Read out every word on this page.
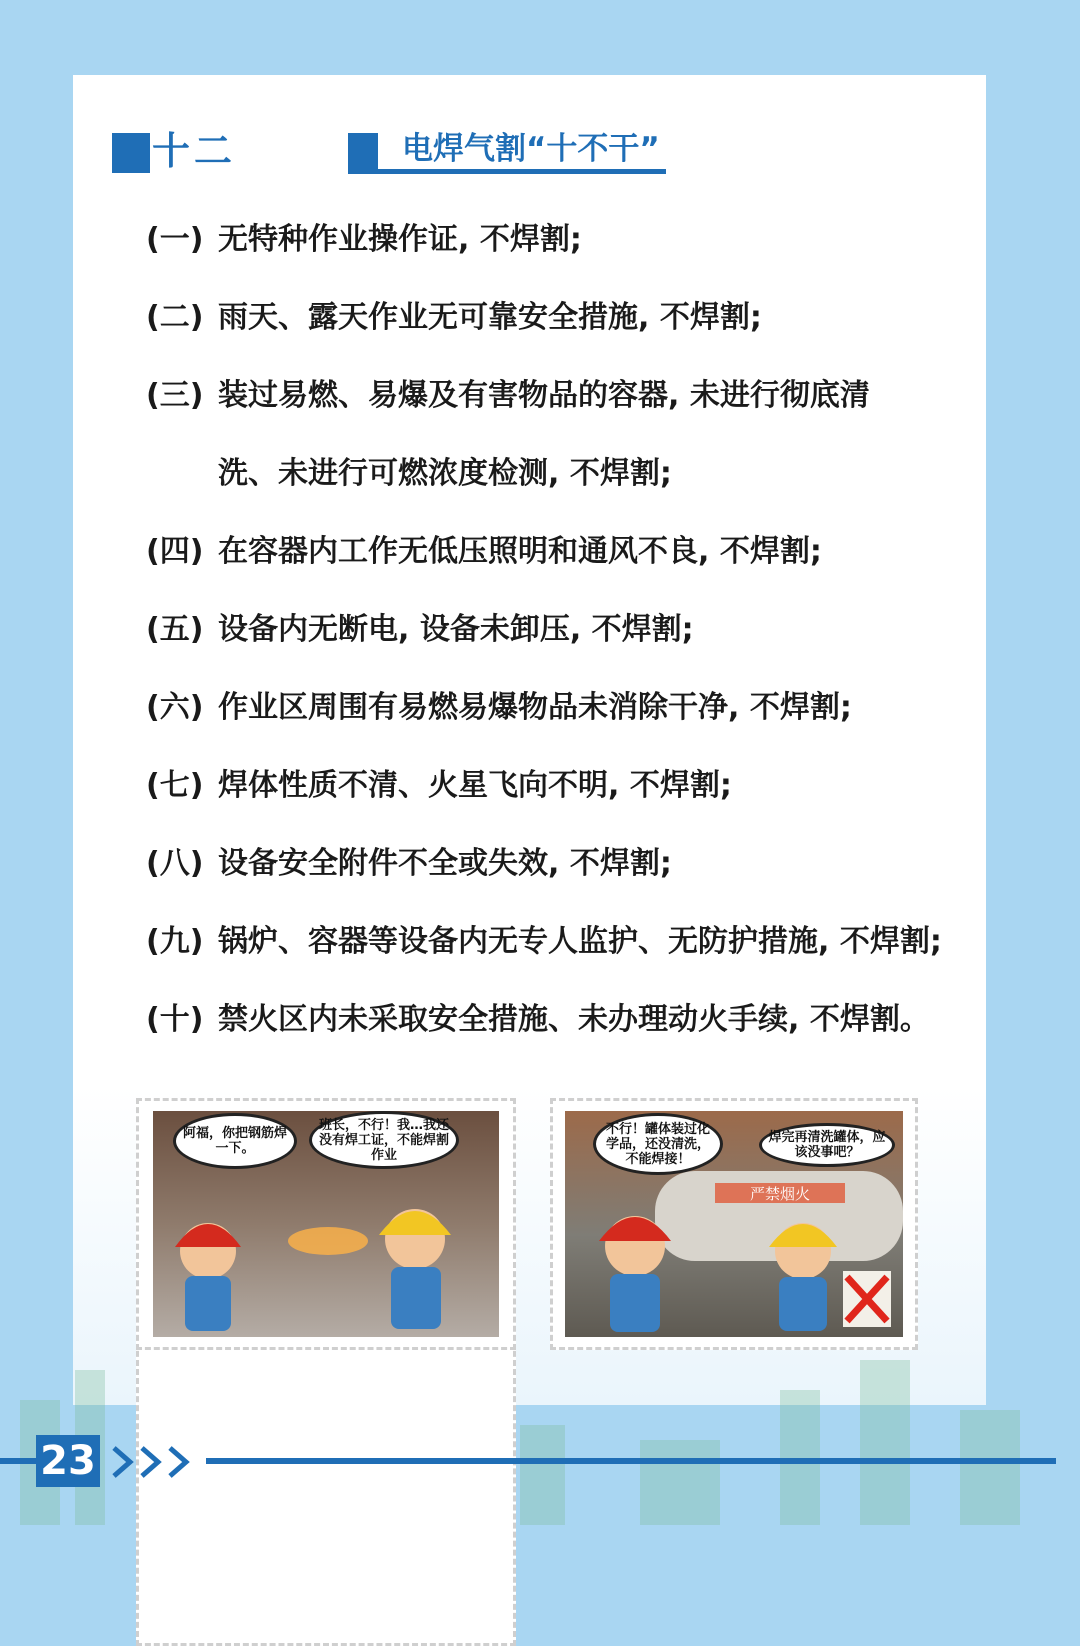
十二	电焊气割“十不干”
(一) 无特种作业操作证, 不焊割;
(二) 雨天、露天作业无可靠安全措施, 不焊割;
(三) 装过易燃、易爆及有害物品的容器, 未进行彻底清
洗、未进行可燃浓度检测, 不焊割;
(四) 在容器内工作无低压照明和通风不良, 不焊割;
(五) 设备内无断电, 设备未卸压, 不焊割;
(六) 作业区周围有易燃易爆物品未消除干净, 不焊割;
(七) 焊体性质不清、火星飞向不明, 不焊割;
(八) 设备安全附件不全或失效, 不焊割;
(九) 锅炉、容器等设备内无专人监护、无防护措施, 不焊割;
(十) 禁火区内未采取安全措施、未办理动火手续, 不焊割。
阿福，你把钢筋焊一下。
班长，不行！我…我还没有焊工证，不能焊割作业
严禁烟火
不行！罐体装过化学品，还没清洗，不能焊接！
焊完再清洗罐体，应该没事吧？
23
